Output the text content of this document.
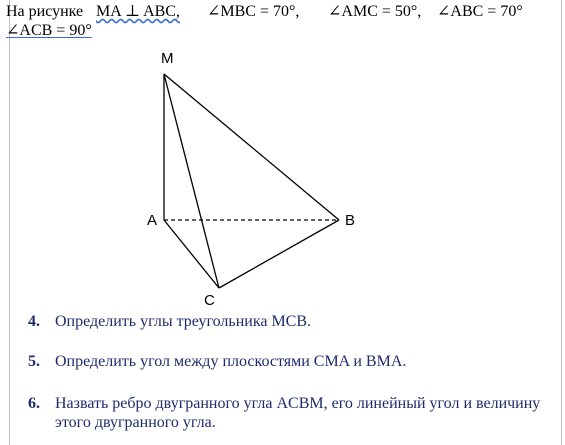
На рисунке MA ⊥ ABC, ∠MBC = 70°, ∠AMC = 50°, ∠ABC = 70°
∠ACB = 90°
M
A	B
C
4. Определить углы треугольника MCB.
5. Определить угол между плоскостями CMA и BMA.
6. Назвать ребро двугранного угла ACBM, его линейный угол и величину этого двугранного угла.
